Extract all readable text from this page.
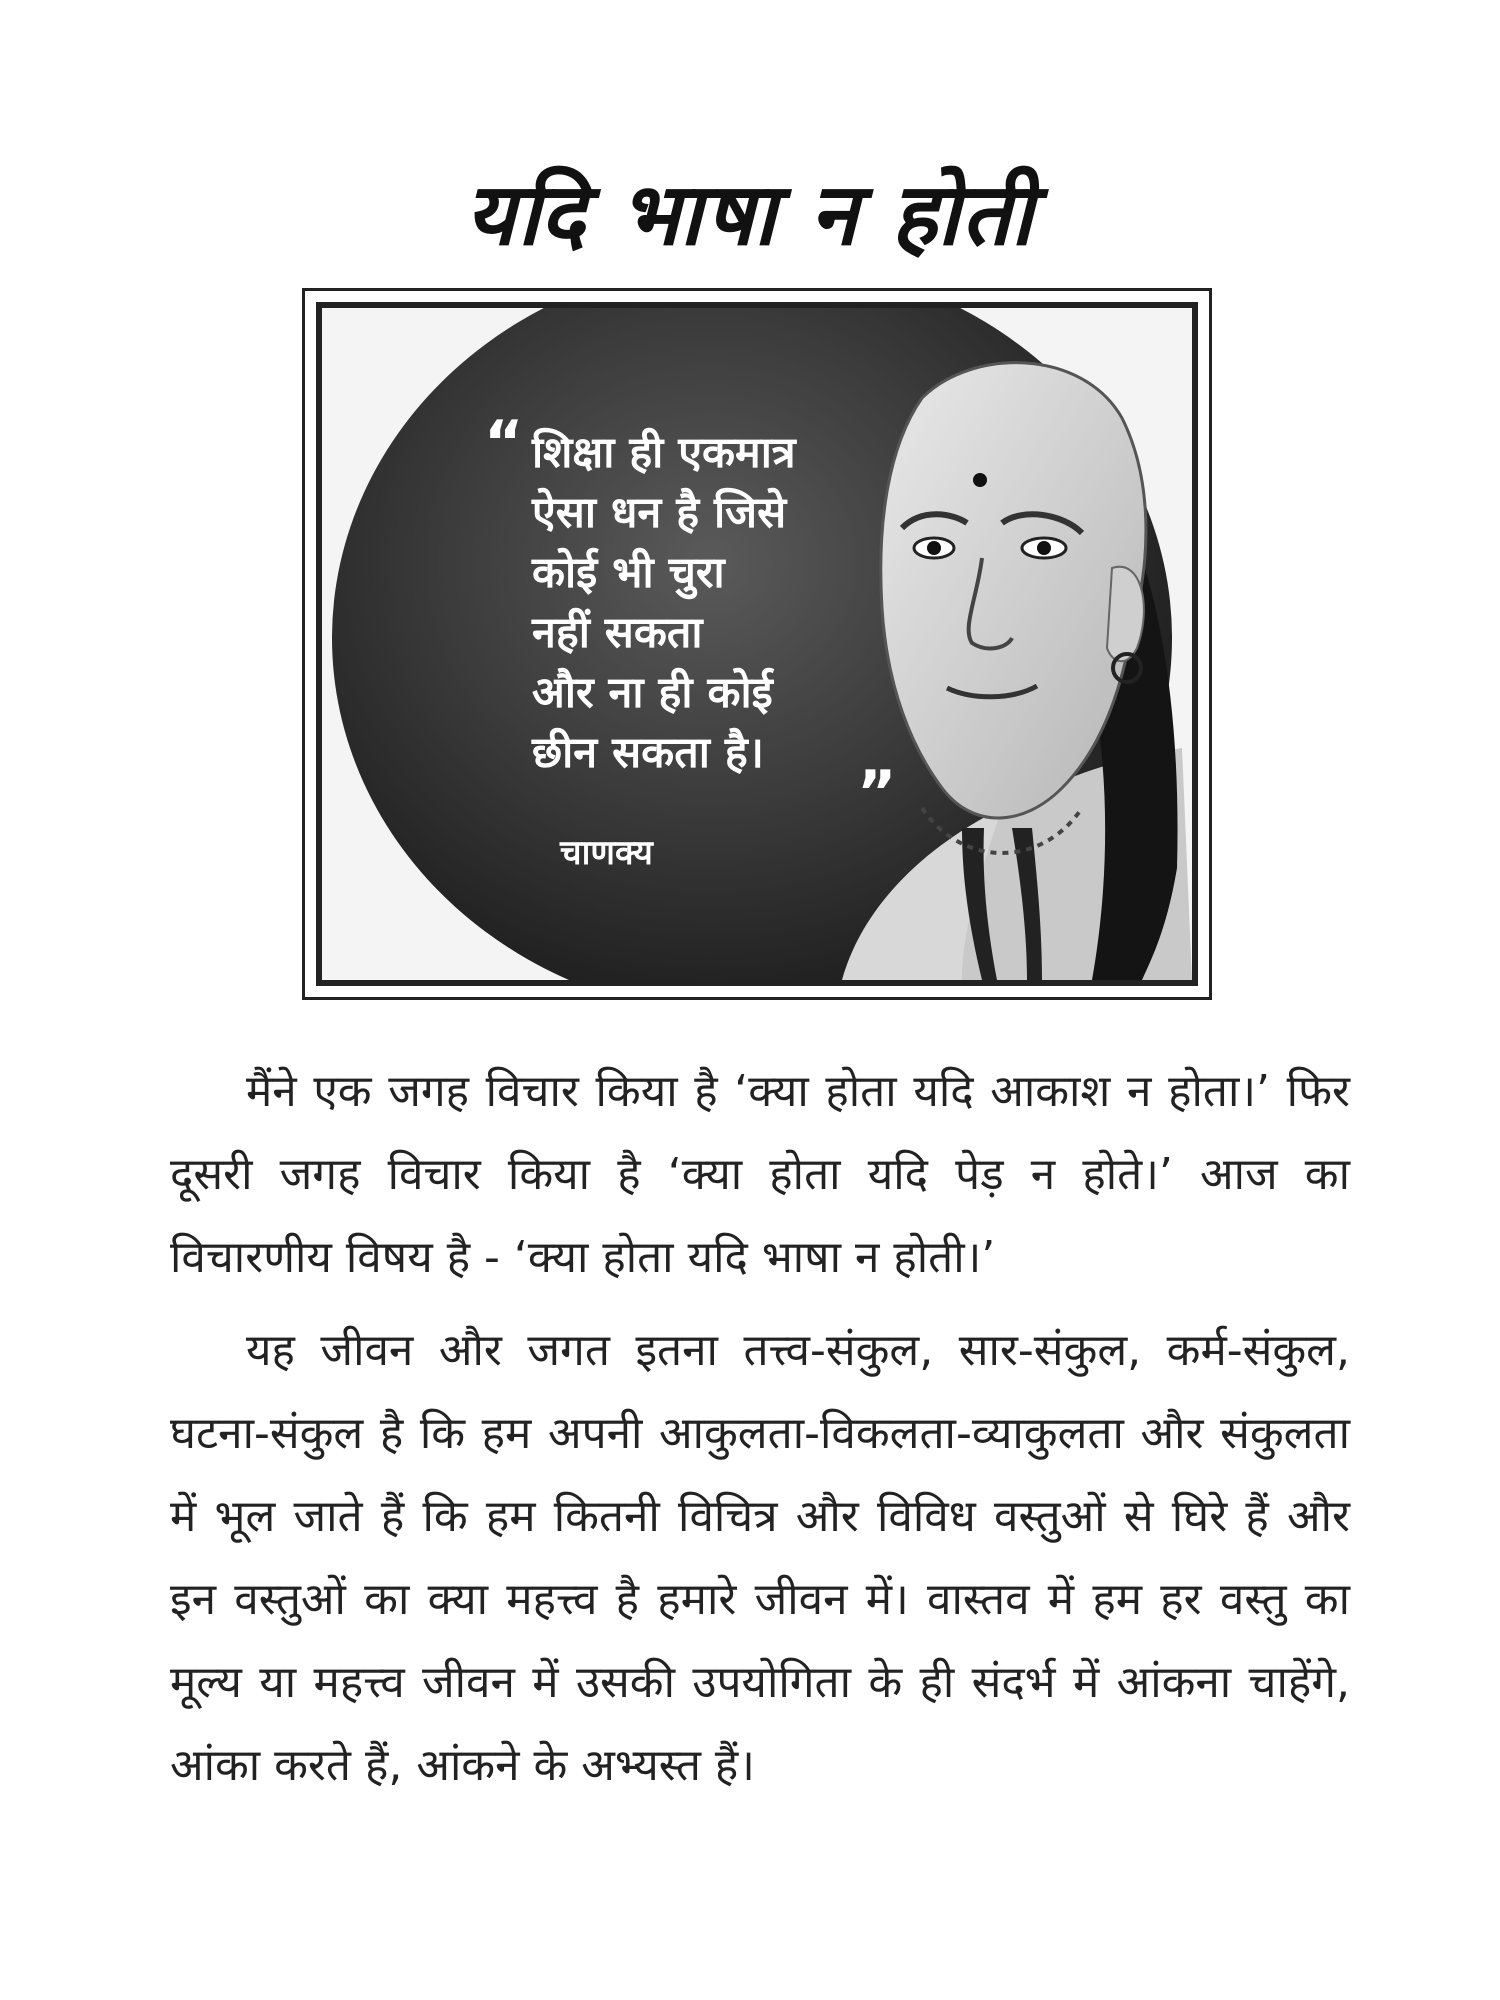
यदि भाषा न होती
“ शिक्षा ही एकमात्र
ऐसा धन है जिसे
कोई भी चुरा
नहीं सकता
और ना ही कोई
छीन सकता है।
”
चाणक्य

मैंने एक जगह विचार किया है ‘क्या होता यदि आकाश न होता।’ फिर दूसरी जगह विचार किया है ‘क्या होता यदि पेड़ न होते।’ आज का विचारणीय विषय है - ‘क्या होता यदि भाषा न होती।’

यह जीवन और जगत इतना तत्त्व-संकुल, सार-संकुल, कर्म-संकुल, घटना-संकुल है कि हम अपनी आकुलता-विकलता-व्याकुलता और संकुलता में भूल जाते हैं कि हम कितनी विचित्र और विविध वस्तुओं से घिरे हैं और इन वस्तुओं का क्या महत्त्व है हमारे जीवन में। वास्तव में हम हर वस्तु का मूल्य या महत्त्व जीवन में उसकी उपयोगिता के ही संदर्भ में आंकना चाहेंगे, आंका करते हैं, आंकने के अभ्यस्त हैं।
